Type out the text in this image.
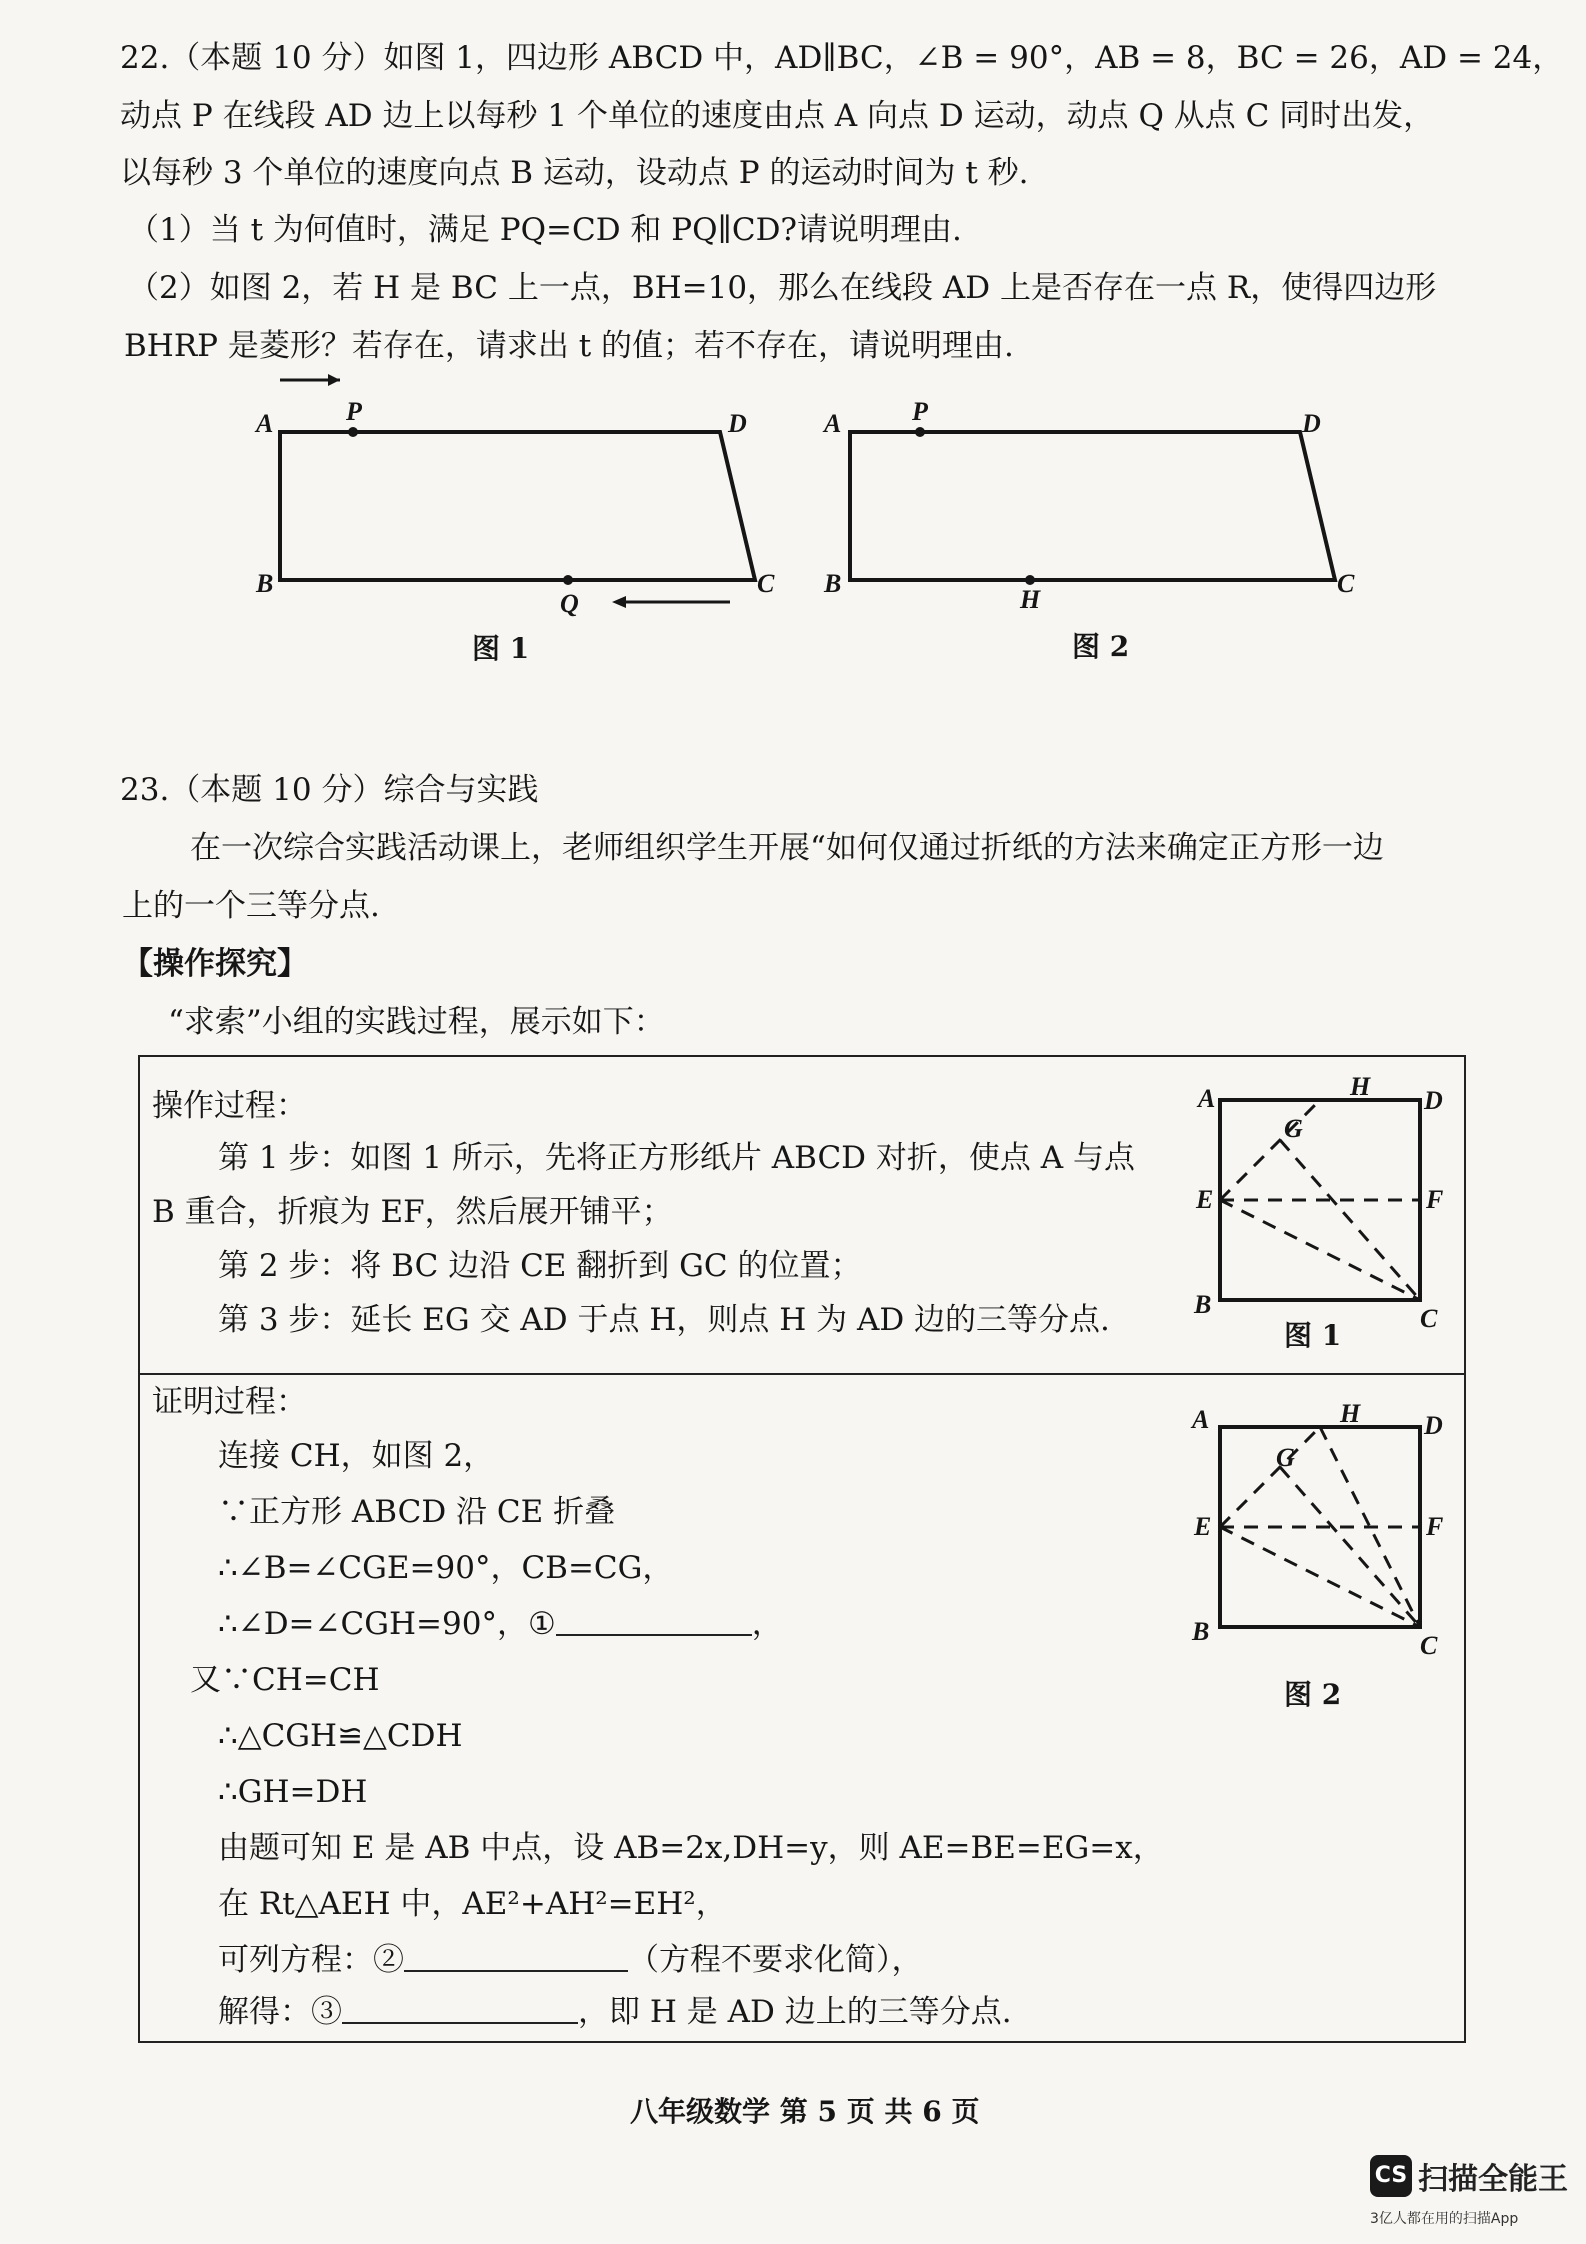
22.（本题 10 分）如图 1，四边形 ABCD 中，AD∥BC，∠B = 90°，AB = 8，BC = 26，AD = 24，
动点 P 在线段 AD 边上以每秒 1 个单位的速度由点 A 向点 D 运动，动点 Q 从点 C 同时出发，
以每秒 3 个单位的速度向点 B 运动，设动点 P 的运动时间为 t 秒.
（1）当 t 为何值时，满足 PQ=CD 和 PQ∥CD?请说明理由.
（2）如图 2，若 H 是 BC 上一点，BH=10，那么在线段 AD 上是否存在一点 R，使得四边形
BHRP 是菱形？若存在，请求出 t 的值；若不存在，请说明理由.
A	P	D
B
Q
C
图 1
A	P	D
B
H
C
图 2
23.（本题 10 分）综合与实践
在一次综合实践活动课上，老师组织学生开展“如何仅通过折纸的方法来确定正方形一边
上的一个三等分点.
【操作探究】
“求索”小组的实践过程，展示如下：
操作过程：
第 1 步：如图 1 所示，先将正方形纸片 ABCD 对折，使点 A 与点
B 重合，折痕为 EF，然后展开铺平；
第 2 步：将 BC 边沿 CE 翻折到 GC 的位置；
第 3 步：延长 EG 交 AD 于点 H，则点 H 为 AD 边的三等分点.
A	H D
G
E	F
B	C
图 1
证明过程：
连接 CH，如图 2，
∵正方形 ABCD 沿 CE 折叠
∴∠B=∠CGE=90°，CB=CG，
∴∠D=∠CGH=90°，①	，
又∵CH=CH
∴△CGH≌△CDH
∴GH=DH
由题可知 E 是 AB 中点，设 AB=2x,DH=y，则 AE=BE=EG=x，
在 Rt△AEH 中，AE²+AH²=EH²，
可列方程：②	（方程不要求化简），
解得：③	，即 H 是 AD 边上的三等分点.
A	H D
G
E	F
B	C
图 2
八年级数学 第 5 页 共 6 页
CS 扫描全能王
3亿人都在用的扫描App
